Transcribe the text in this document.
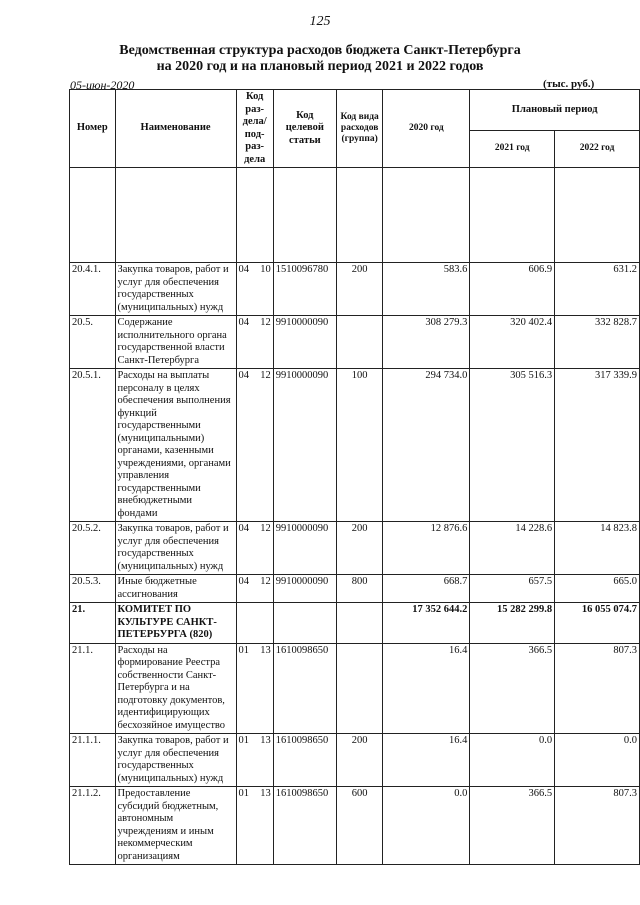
125
Ведомственная структура расходов бюджета Санкт-Петербурга
на 2020 год и на плановый период 2021 и 2022 годов
05-июн-2020	(тыс. руб.)
Номер	Наименование	Код раз- дела/ под- раз- дела	Код целевой статьи	Код вида расходов (группа)	2020 год	Плановый период	
						2021 год	2022 год

20.4.1.	Закупка товаров, работ и услуг для обеспечения государственных (муниципальных) нужд	04 10	1510096780	200	583.6	606.9	631.2
20.5.	Содержание исполнительного органа государственной власти Санкт-Петербурга	04 12	9910000090		308 279.3	320 402.4	332 828.7
20.5.1.	Расходы на выплаты персоналу в целях обеспечения выполнения функций государственными (муниципальными) органами, казенными учреждениями, органами управления государственными внебюджетными фондами	04 12	9910000090	100	294 734.0	305 516.3	317 339.9
20.5.2.	Закупка товаров, работ и услуг для обеспечения государственных (муниципальных) нужд	04 12	9910000090	200	12 876.6	14 228.6	14 823.8
20.5.3.	Иные бюджетные ассигнования	04 12	9910000090	800	668.7	657.5	665.0
21.	КОМИТЕТ ПО КУЛЬТУРЕ САНКТ-ПЕТЕРБУРГА (820)				17 352 644.2	15 282 299.8	16 055 074.7
21.1.	Расходы на формирование Реестра собственности Санкт-Петербурга и на подготовку документов, идентифицирующих бесхозяйное имущество	01 13	1610098650		16.4	366.5	807.3
21.1.1.	Закупка товаров, работ и услуг для обеспечения государственных (муниципальных) нужд	01 13	1610098650	200	16.4	0.0	0.0
21.1.2.	Предоставление субсидий бюджетным, автономным учреждениям и иным некоммерческим организациям	01 13	1610098650	600	0.0	366.5	807.3
